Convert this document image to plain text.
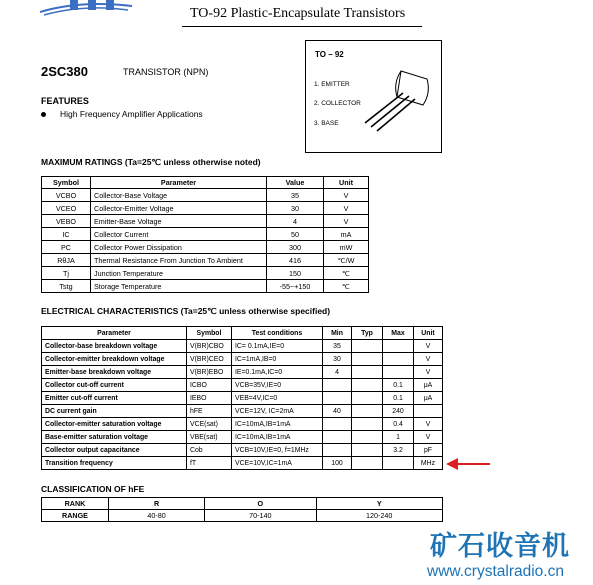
TO-92 Plastic-Encapsulate Transistors
2SC380	TRANSISTOR (NPN)
FEATURES
High Frequency Amplifier Applications
TO – 92
1. EMITTER
2. COLLECTOR
3. BASE
MAXIMUM RATINGS (Ta=25℃ unless otherwise noted)
Symbol	Parameter	Value	Unit
VCBO	Collector-Base Voltage	35	V
VCEO	Collector-Emitter Voltage	30	V
VEBO	Emitter-Base Voltage	4	V
IC	Collector Current	50	mA
PC	Collector Power Dissipation	300	mW
RθJA	Thermal Resistance From Junction To Ambient	416	℃/W
Tj	Junction Temperature	150	℃
Tstg	Storage Temperature	-55~+150	℃
ELECTRICAL CHARACTERISTICS (Ta=25℃ unless otherwise specified)
Parameter	Symbol	Test conditions	Min	Typ	Max	Unit
Collector-base breakdown voltage	V(BR)CBO	IC= 0.1mA,IE=0	35			V
Collector-emitter breakdown voltage	V(BR)CEO	IC=1mA,IB=0	30			V
Emitter-base breakdown voltage	V(BR)EBO	IE=0.1mA,IC=0	4			V
Collector cut-off current	ICBO	VCB=35V,IE=0			0.1	μA
Emitter cut-off current	IEBO	VEB=4V,IC=0			0.1	μA
DC current gain	hFE	VCE=12V, IC=2mA	40		240	
Collector-emitter saturation voltage	VCE(sat)	IC=10mA,IB=1mA			0.4	V
Base-emitter saturation voltage	VBE(sat)	IC=10mA,IB=1mA			1	V
Collector output capacitance	Cob	VCB=10V,IE=0, f=1MHz			3.2	pF
Transition frequency	fT	VCE=10V,IC=1mA	100			MHz
CLASSIFICATION OF hFE
RANK	R	O	Y
RANGE	40-80	70-140	120-240
矿石收音机
www.crystalradio.cn
